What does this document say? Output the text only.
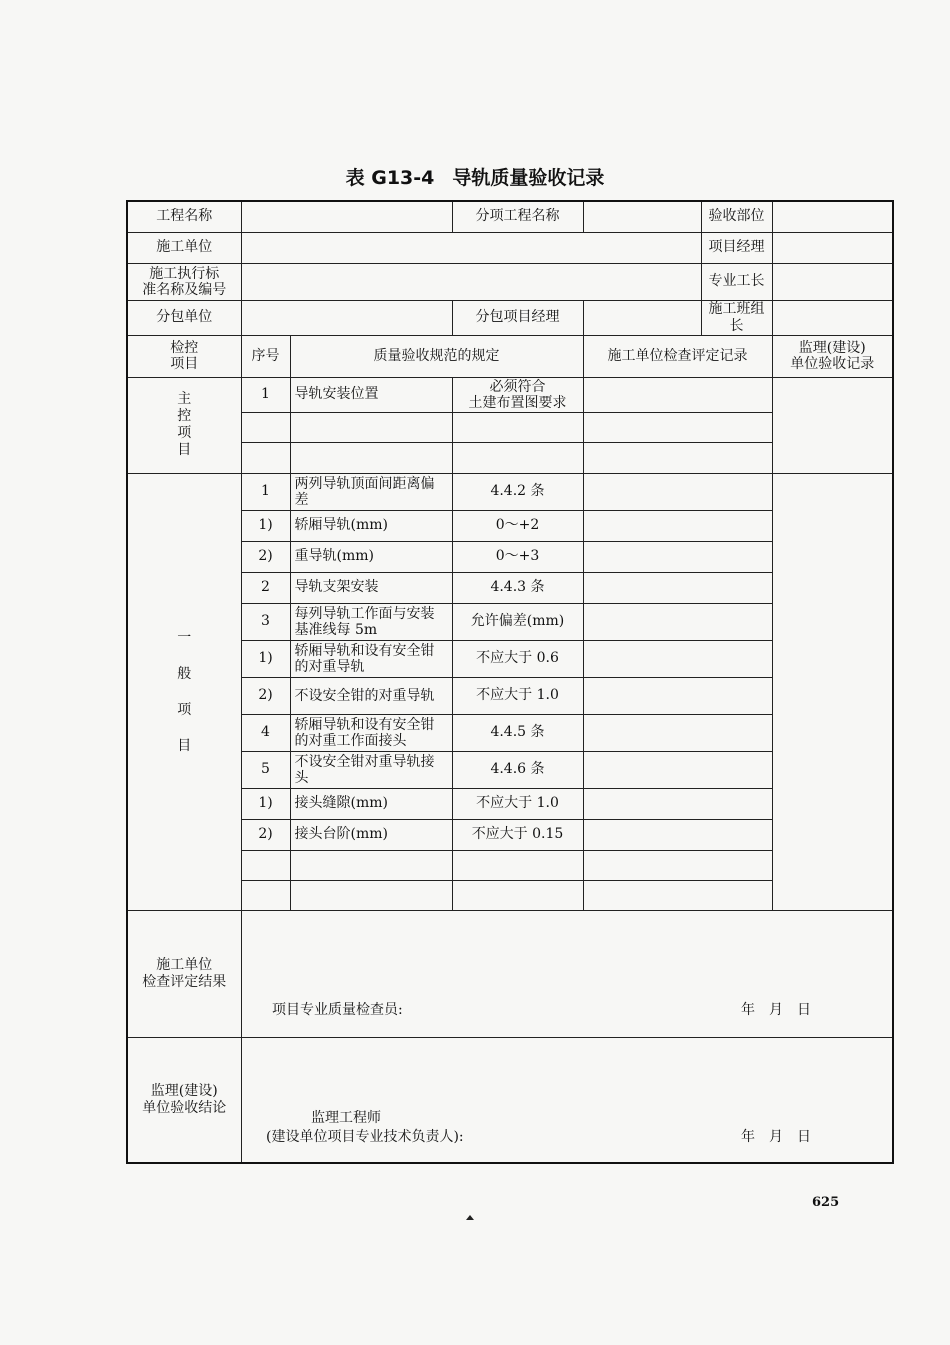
表 G13-4 导轨质量验收记录
工程名称			分项工程名称		验收部位	
施工单位					项目经理	
施工执行标
准名称及编号					专业工长	
分包单位			分包项目经理		施工班组长	
检控
项目	序号	质量验收规范的规定		施工单位检查评定记录		监理(建设)
单位验收记录
主
控
项
目	1	导轨安装位置	必须符合
土建布置图要求			

一
般
项
目	1	两列导轨顶面间距离偏差	4.4.2 条			
	1)	轿厢导轨(mm)	0～+2			
	2)	重导轨(mm)	0～+3			
	2	导轨支架安装	4.4.3 条			
	3	每列导轨工作面与安装基准线每 5m	允许偏差(mm)			
	1)	轿厢导轨和设有安全钳的对重导轨	不应大于 0.6			
	2)	不设安全钳的对重导轨	不应大于 1.0			
	4	轿厢导轨和设有安全钳的对重工作面接头	4.4.5 条			
	5	不设安全钳对重导轨接头	4.4.6 条			
	1)	接头缝隙(mm)	不应大于 1.0			
	2)	接头台阶(mm)	不应大于 0.15			

施工单位
检查评定结果						
监理(建设)
单位验收结论						
项目专业质量检查员:	年　月　日
监理工程师
(建设单位项目专业技术负责人):	年　月　日
625
